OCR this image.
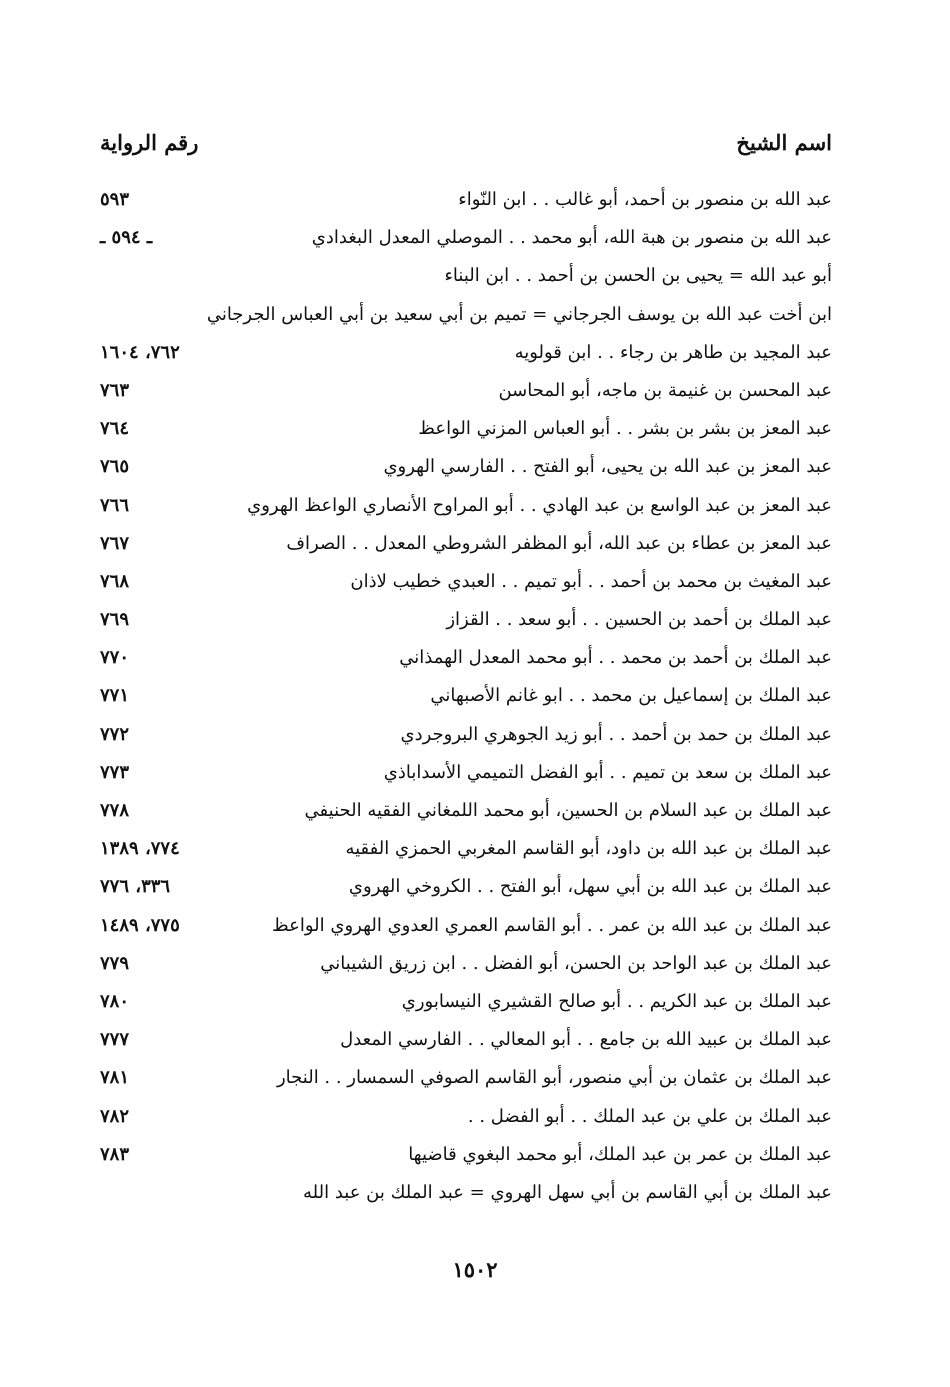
اسم الشيخ
رقم الرواية
عبد الله بن منصور بن أحمد، أبو غالب . . ابن النّواء
٥٩٣
عبد الله بن منصور بن هبة الله، أبو محمد . . الموصلي المعدل البغدادي
ـ ٥٩٤ ـ
أبو عبد الله = يحيى بن الحسن بن أحمد . . ابن البناء
ابن أخت عبد الله بن يوسف الجرجاني = تميم بن أبي سعيد بن أبي العباس الجرجاني
عبد المجيد بن طاهر بن رجاء . . ابن قولويه
٧٦٢، ١٦٠٤
عبد المحسن بن غنيمة بن ماجه، أبو المحاسن
٧٦٣
عبد المعز بن بشر بن بشر . . أبو العباس المزني الواعظ
٧٦٤
عبد المعز بن عبد الله بن يحيى، أبو الفتح . . الفارسي الهروي
٧٦٥
عبد المعز بن عبد الواسع بن عبد الهادي . . أبو المراوح الأنصاري الواعظ الهروي
٧٦٦
عبد المعز بن عطاء بن عبد الله، أبو المظفر الشروطي المعدل . . الصراف
٧٦٧
عبد المغيث بن محمد بن أحمد . . أبو تميم . . العبدي خطيب لاذان
٧٦٨
عبد الملك بن أحمد بن الحسين . . أبو سعد . . القزاز
٧٦٩
عبد الملك بن أحمد بن محمد . . أبو محمد المعدل الهمذاني
٧٧٠
عبد الملك بن إسماعيل بن محمد . . ابو غانم الأصبهاني
٧٧١
عبد الملك بن حمد بن أحمد . . أبو زيد الجوهري البروجردي
٧٧٢
عبد الملك بن سعد بن تميم . . أبو الفضل التميمي الأسداباذي
٧٧٣
عبد الملك بن عبد السلام بن الحسين، أبو محمد اللمغاني الفقيه الحنيفي
٧٧٨
عبد الملك بن عبد الله بن داود، أبو القاسم المغربي الحمزي الفقيه
٧٧٤، ١٣٨٩
عبد الملك بن عبد الله بن أبي سهل، أبو الفتح . . الكروخي الهروي
٣٣٦، ٧٧٦
عبد الملك بن عبد الله بن عمر . . أبو القاسم العمري العدوي الهروي الواعظ
٧٧٥، ١٤٨٩
عبد الملك بن عبد الواحد بن الحسن، أبو الفضل . . ابن زريق الشيباني
٧٧٩
عبد الملك بن عبد الكريم . . أبو صالح القشيري النيسابوري
٧٨٠
عبد الملك بن عبيد الله بن جامع . . أبو المعالي . . الفارسي المعدل
٧٧٧
عبد الملك بن عثمان بن أبي منصور، أبو القاسم الصوفي السمسار . . النجار
٧٨١
عبد الملك بن علي بن عبد الملك . . أبو الفضل . .
٧٨٢
عبد الملك بن عمر بن عبد الملك، أبو محمد البغوي قاضيها
٧٨٣
عبد الملك بن أبي القاسم بن أبي سهل الهروي = عبد الملك بن عبد الله
١٥٠٢
